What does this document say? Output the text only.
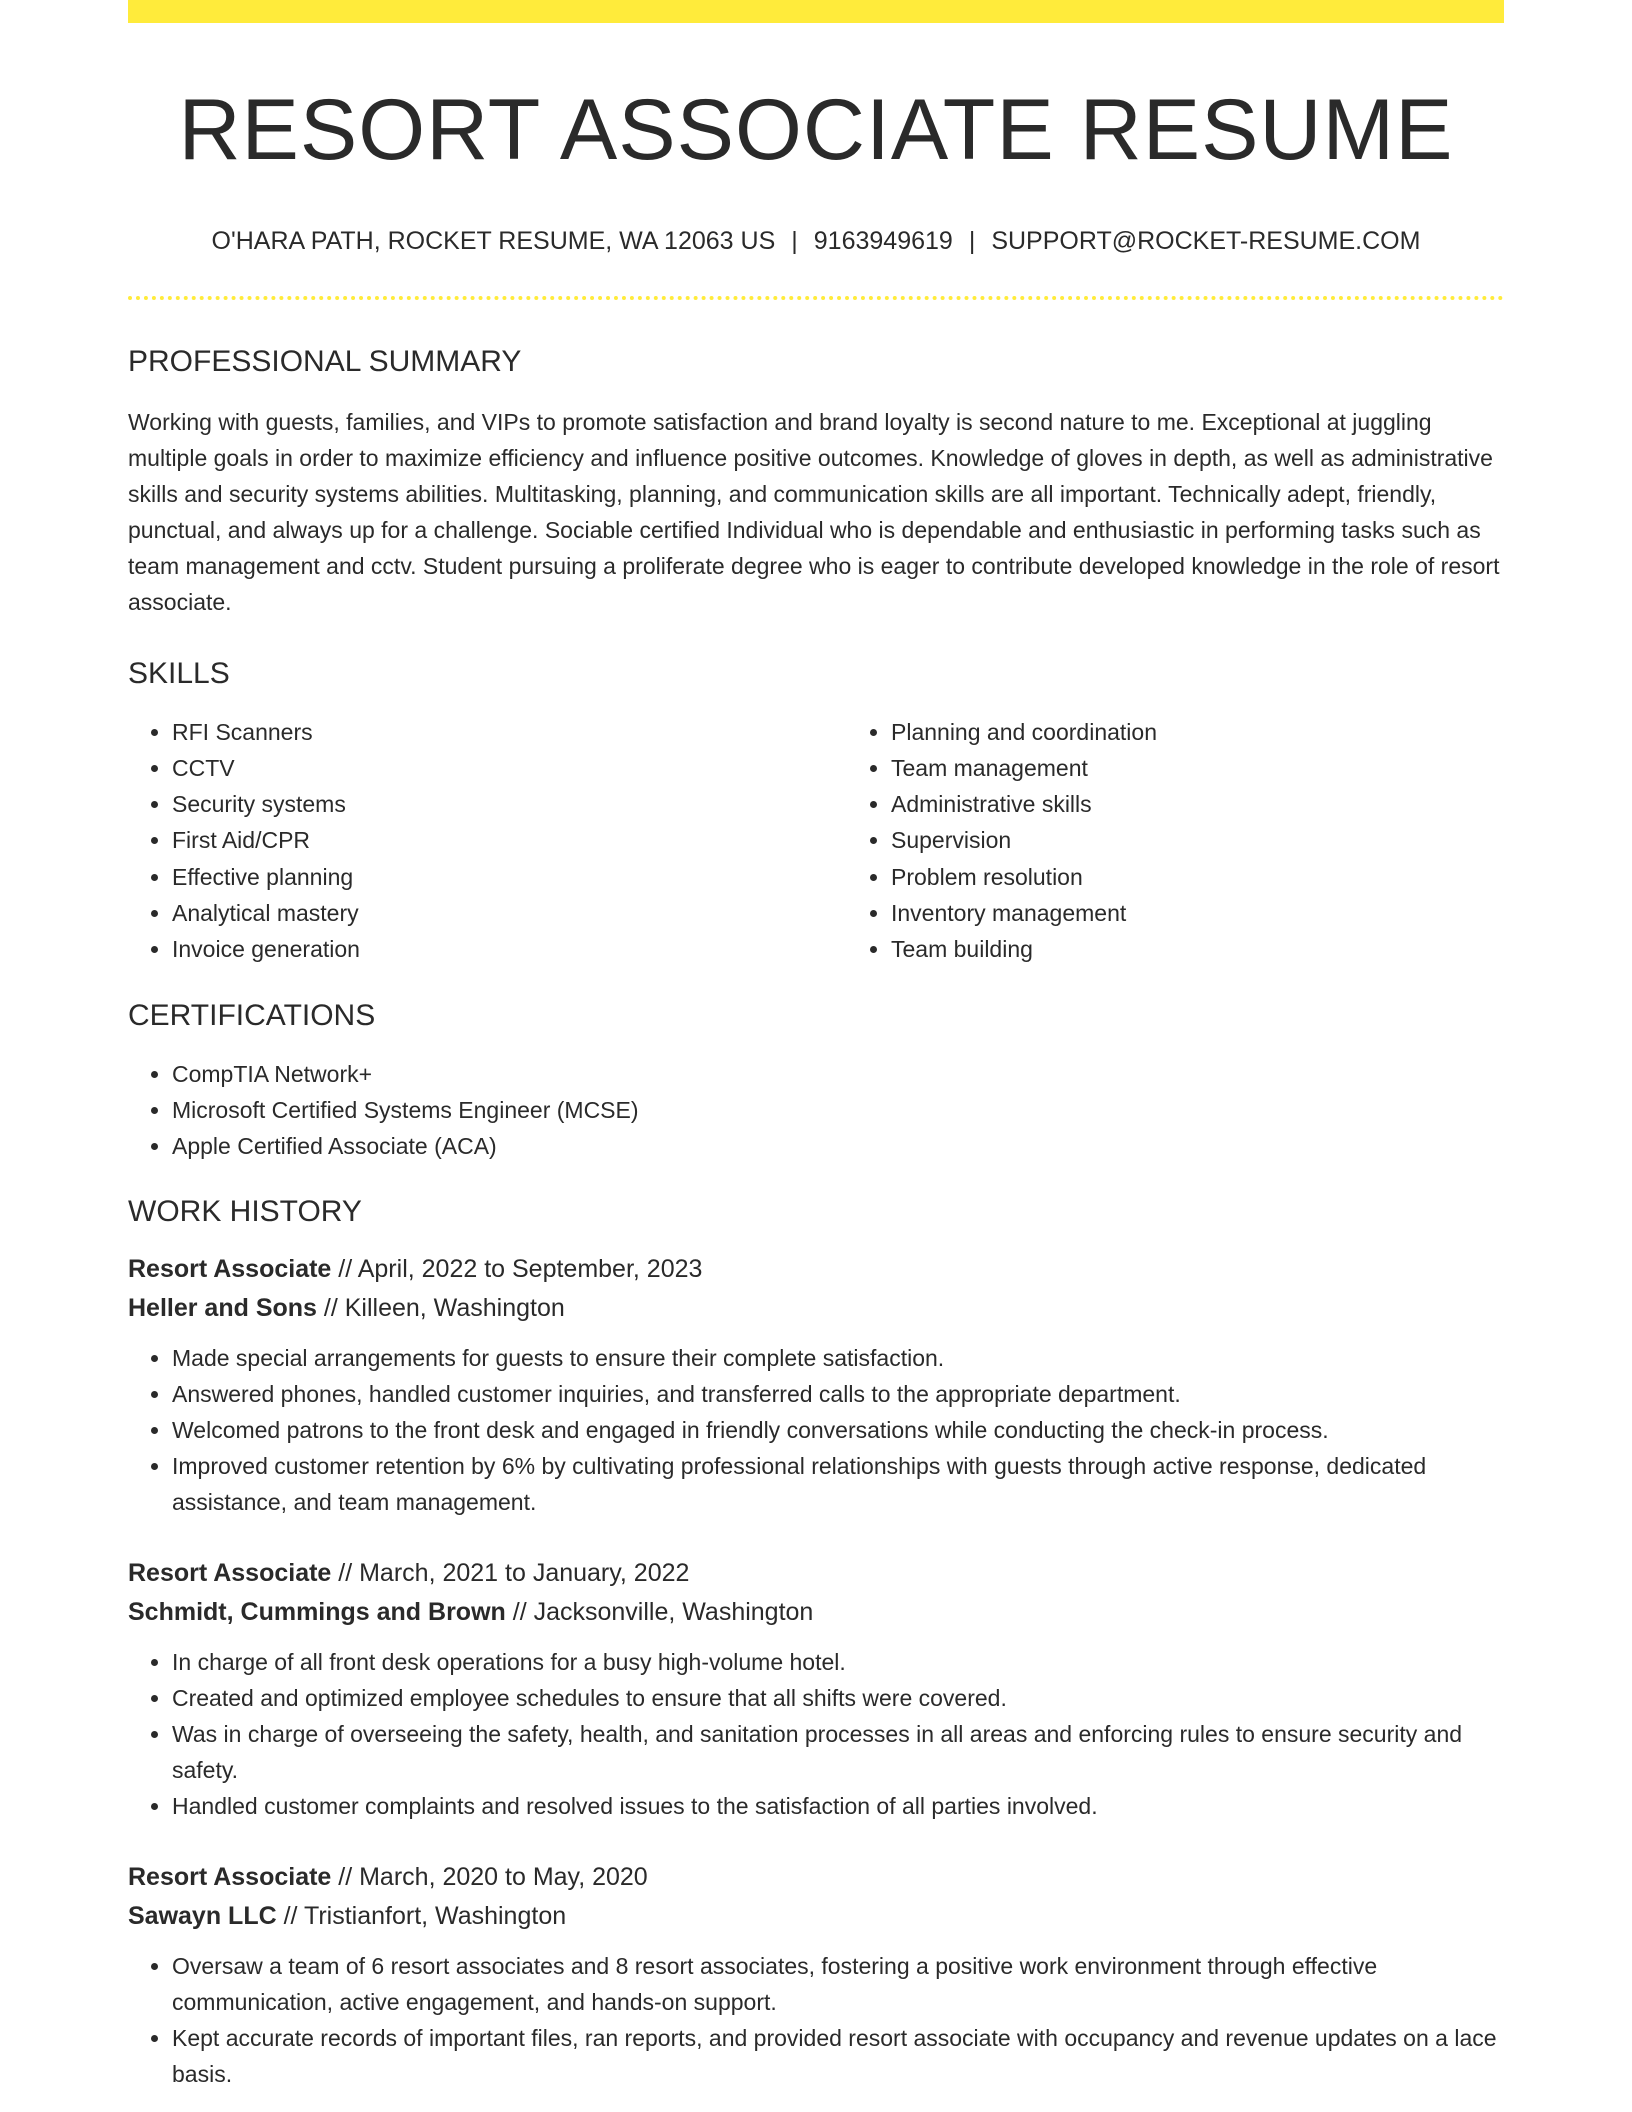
RESORT ASSOCIATE RESUME
O'HARA PATH, ROCKET RESUME, WA 12063 US | 9163949619 | SUPPORT@ROCKET-RESUME.COM
PROFESSIONAL SUMMARY

Working with guests, families, and VIPs to promote satisfaction and brand loyalty is second nature to me. Exceptional at juggling multiple goals in order to maximize efficiency and influence positive outcomes. Knowledge of gloves in depth, as well as administrative skills and security systems abilities. Multitasking, planning, and communication skills are all important. Technically adept, friendly, punctual, and always up for a challenge. Sociable certified Individual who is dependable and enthusiastic in performing tasks such as team management and cctv. Student pursuing a proliferate degree who is eager to contribute developed knowledge in the role of resort associate.

SKILLS
• RFI Scanners
• CCTV
• Security systems
• First Aid/CPR
• Effective planning
• Analytical mastery
• Invoice generation
• Planning and coordination
• Team management
• Administrative skills
• Supervision
• Problem resolution
• Inventory management
• Team building
CERTIFICATIONS
• CompTIA Network+
• Microsoft Certified Systems Engineer (MCSE)
• Apple Certified Associate (ACA)
WORK HISTORY
Resort Associate // April, 2022 to September, 2023
Heller and Sons // Killeen, Washington
• Made special arrangements for guests to ensure their complete satisfaction.
• Answered phones, handled customer inquiries, and transferred calls to the appropriate department.
• Welcomed patrons to the front desk and engaged in friendly conversations while conducting the check-in process.
• Improved customer retention by 6% by cultivating professional relationships with guests through active response, dedicated assistance, and team management.
Resort Associate // March, 2021 to January, 2022
Schmidt, Cummings and Brown // Jacksonville, Washington
• In charge of all front desk operations for a busy high-volume hotel.
• Created and optimized employee schedules to ensure that all shifts were covered.
• Was in charge of overseeing the safety, health, and sanitation processes in all areas and enforcing rules to ensure security and safety.
• Handled customer complaints and resolved issues to the satisfaction of all parties involved.
Resort Associate // March, 2020 to May, 2020
Sawayn LLC // Tristianfort, Washington
• Oversaw a team of 6 resort associates and 8 resort associates, fostering a positive work environment through effective communication, active engagement, and hands-on support.
• Kept accurate records of important files, ran reports, and provided resort associate with occupancy and revenue updates on a lace basis.
